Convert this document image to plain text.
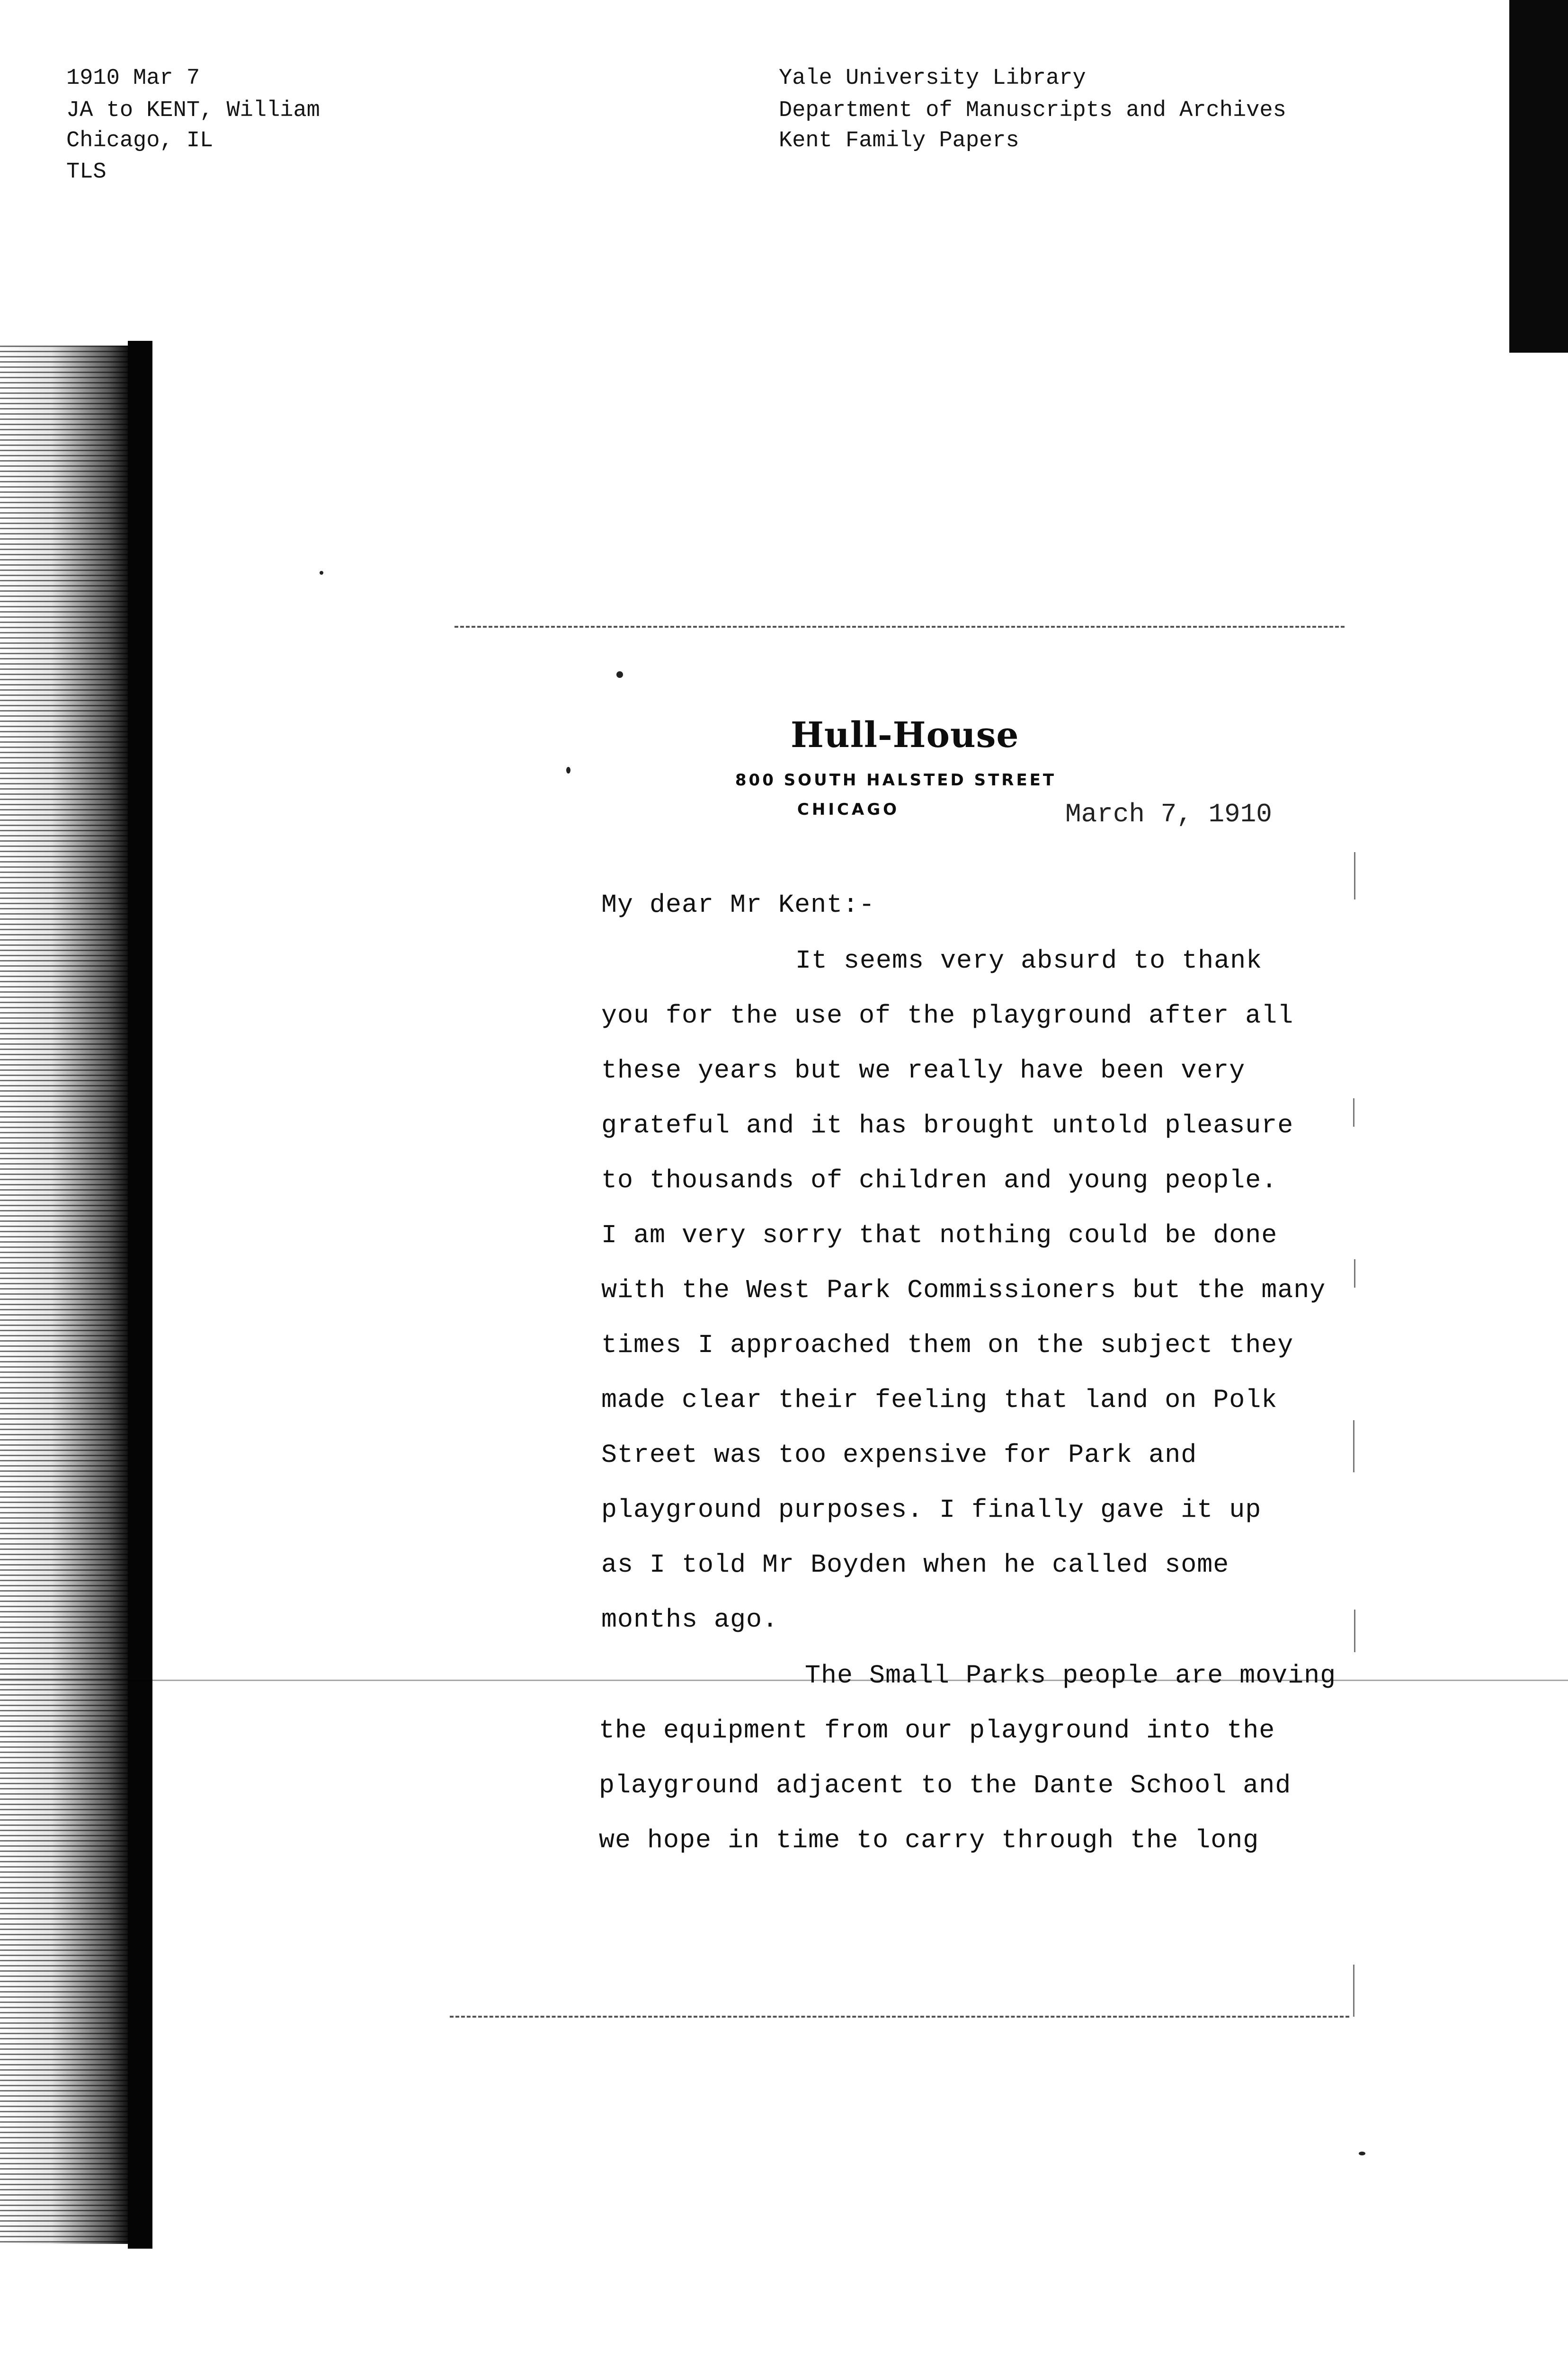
1910 Mar 7
JA to KENT, William
Chicago, IL
TLS
Yale University Library
Department of Manuscripts and Archives
Kent Family Papers
Hull-House
800 SOUTH HALSTED STREET
CHICAGO	March 7, 1910
My dear Mr Kent:-
It seems very absurd to thank
you for the use of the playground after all
these years but we really have been very
grateful and it has brought untold pleasure
to thousands of children and young people.
I am very sorry that nothing could be done
with the West Park Commissioners but the many
times I approached them on the subject they
made clear their feeling that land on Polk
Street was too expensive for Park and
playground purposes. I finally gave it up
as I told Mr Boyden when he called some
months ago.
The Small Parks people are moving
the equipment from our playground into the
playground adjacent to the Dante School and
we hope in time to carry through the long
